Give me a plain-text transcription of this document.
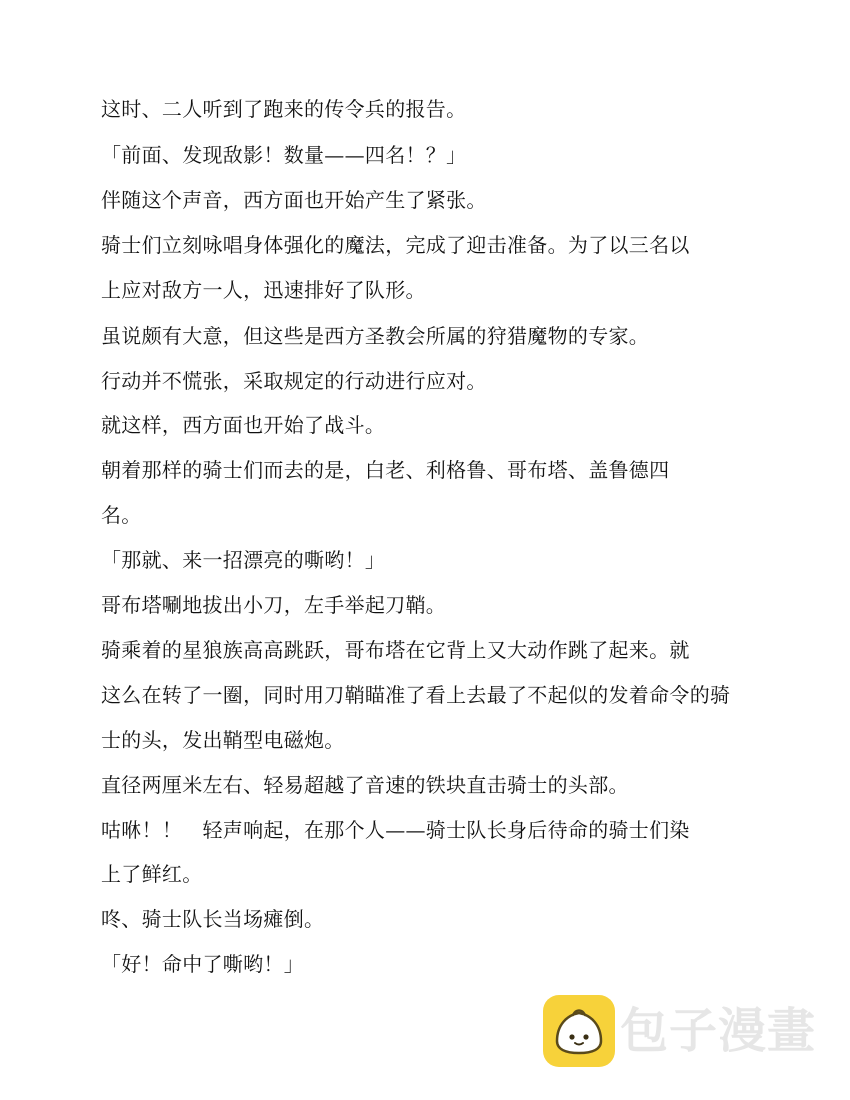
这时、二人听到了跑来的传令兵的报告。
「前面、发现敌影！数量——四名！？」
伴随这个声音，西方面也开始产生了紧张。
骑士们立刻咏唱身体强化的魔法，完成了迎击准备。为了以三名以
上应对敌方一人，迅速排好了队形。
虽说颇有大意，但这些是西方圣教会所属的狩猎魔物的专家。
行动并不慌张，采取规定的行动进行应对。
就这样，西方面也开始了战斗。
朝着那样的骑士们而去的是，白老、利格鲁、哥布塔、盖鲁德四
名。
「那就、来一招漂亮的嘶哟！」
哥布塔唰地拔出小刀，左手举起刀鞘。
骑乘着的星狼族高高跳跃，哥布塔在它背上又大动作跳了起来。就
这么在转了一圈，同时用刀鞘瞄准了看上去最了不起似的发着命令的骑
士的头，发出鞘型电磁炮。
直径两厘米左右、轻易超越了音速的铁块直击骑士的头部。
咕咻！！　轻声响起，在那个人——骑士队长身后待命的骑士们染
上了鲜红。
咚、骑士队长当场瘫倒。
「好！命中了嘶哟！」
包子漫畫
